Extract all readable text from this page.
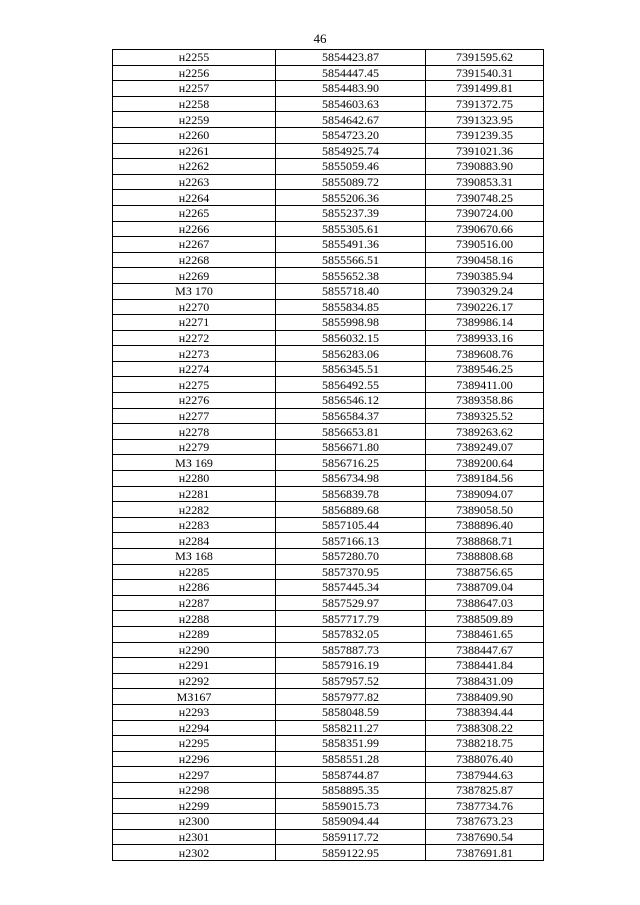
46
н2255	5854423.87	7391595.62
н2256	5854447.45	7391540.31
н2257	5854483.90	7391499.81
н2258	5854603.63	7391372.75
н2259	5854642.67	7391323.95
н2260	5854723.20	7391239.35
н2261	5854925.74	7391021.36
н2262	5855059.46	7390883.90
н2263	5855089.72	7390853.31
н2264	5855206.36	7390748.25
н2265	5855237.39	7390724.00
н2266	5855305.61	7390670.66
н2267	5855491.36	7390516.00
н2268	5855566.51	7390458.16
н2269	5855652.38	7390385.94
МЗ 170	5855718.40	7390329.24
н2270	5855834.85	7390226.17
н2271	5855998.98	7389986.14
н2272	5856032.15	7389933.16
н2273	5856283.06	7389608.76
н2274	5856345.51	7389546.25
н2275	5856492.55	7389411.00
н2276	5856546.12	7389358.86
н2277	5856584.37	7389325.52
н2278	5856653.81	7389263.62
н2279	5856671.80	7389249.07
МЗ 169	5856716.25	7389200.64
н2280	5856734.98	7389184.56
н2281	5856839.78	7389094.07
н2282	5856889.68	7389058.50
н2283	5857105.44	7388896.40
н2284	5857166.13	7388868.71
МЗ 168	5857280.70	7388808.68
н2285	5857370.95	7388756.65
н2286	5857445.34	7388709.04
н2287	5857529.97	7388647.03
н2288	5857717.79	7388509.89
н2289	5857832.05	7388461.65
н2290	5857887.73	7388447.67
н2291	5857916.19	7388441.84
н2292	5857957.52	7388431.09
МЗ167	5857977.82	7388409.90
н2293	5858048.59	7388394.44
н2294	5858211.27	7388308.22
н2295	5858351.99	7388218.75
н2296	5858551.28	7388076.40
н2297	5858744.87	7387944.63
н2298	5858895.35	7387825.87
н2299	5859015.73	7387734.76
н2300	5859094.44	7387673.23
н2301	5859117.72	7387690.54
н2302	5859122.95	7387691.81
